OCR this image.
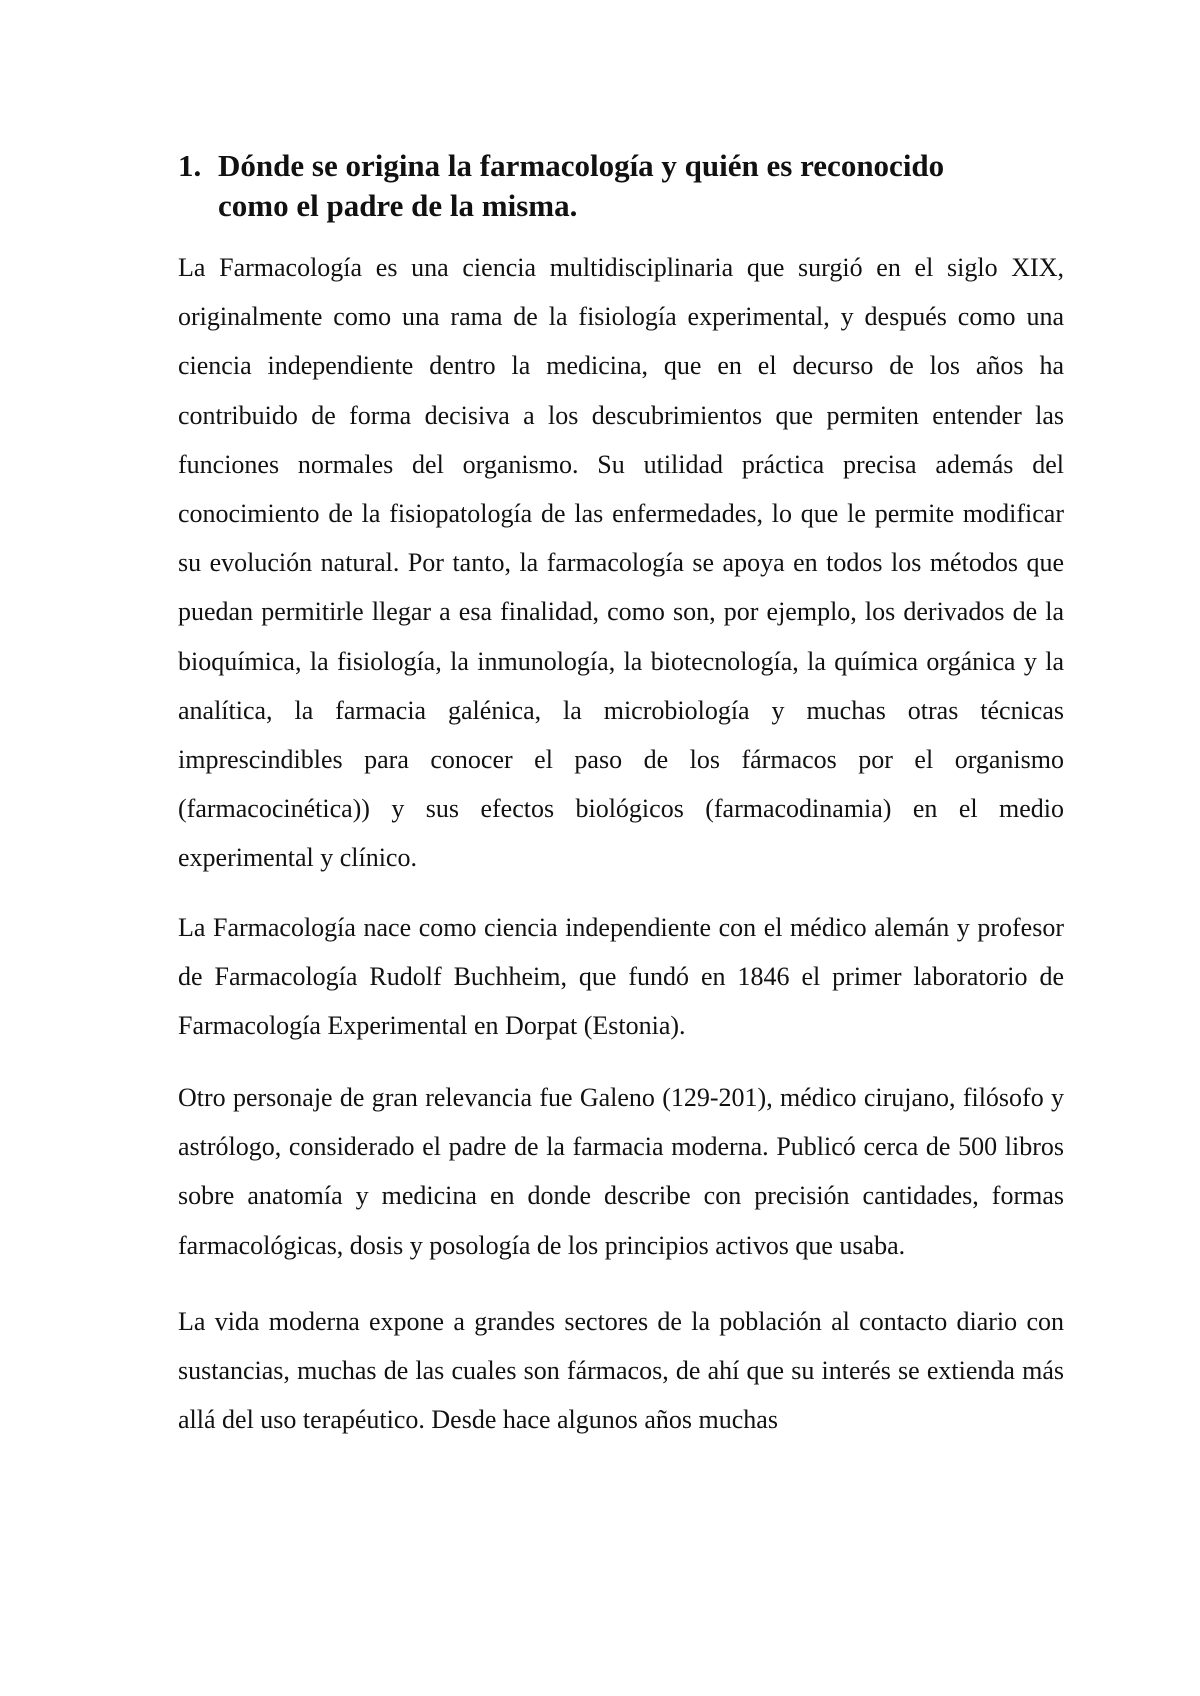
1. Dónde se origina la farmacología y quién es reconocido
como el padre de la misma.

La Farmacología es una ciencia multidisciplinaria que surgió en el siglo XIX, originalmente como una rama de la fisiología experimental, y después como una ciencia independiente dentro la medicina, que en el decurso de los años ha contribuido de forma decisiva a los descubrimientos que permiten entender las funciones normales del organismo. Su utilidad práctica precisa además del conocimiento de la fisiopatología de las enfermedades, lo que le permite modificar su evolución natural. Por tanto, la farmacología se apoya en todos los métodos que puedan permitirle llegar a esa finalidad, como son, por ejemplo, los derivados de la bioquímica, la fisiología, la inmunología, la biotecnología, la química orgánica y la analítica, la farmacia galénica, la microbiología y muchas otras técnicas imprescindibles para conocer el paso de los fármacos por el organismo (farmacocinética)) y sus efectos biológicos (farmacodinamia) en el medio experimental y clínico.

La Farmacología nace como ciencia independiente con el médico alemán y profesor de Farmacología Rudolf Buchheim, que fundó en 1846 el primer laboratorio de Farmacología Experimental en Dorpat (Estonia).

Otro personaje de gran relevancia fue Galeno (129-201), médico cirujano, filósofo y astrólogo, considerado el padre de la farmacia moderna. Publicó cerca de 500 libros sobre anatomía y medicina en donde describe con precisión cantidades, formas farmacológicas, dosis y posología de los principios activos que usaba.

La vida moderna expone a grandes sectores de la población al contacto diario con sustancias, muchas de las cuales son fármacos, de ahí que su interés se extienda más allá del uso terapéutico. Desde hace algunos años muchas
